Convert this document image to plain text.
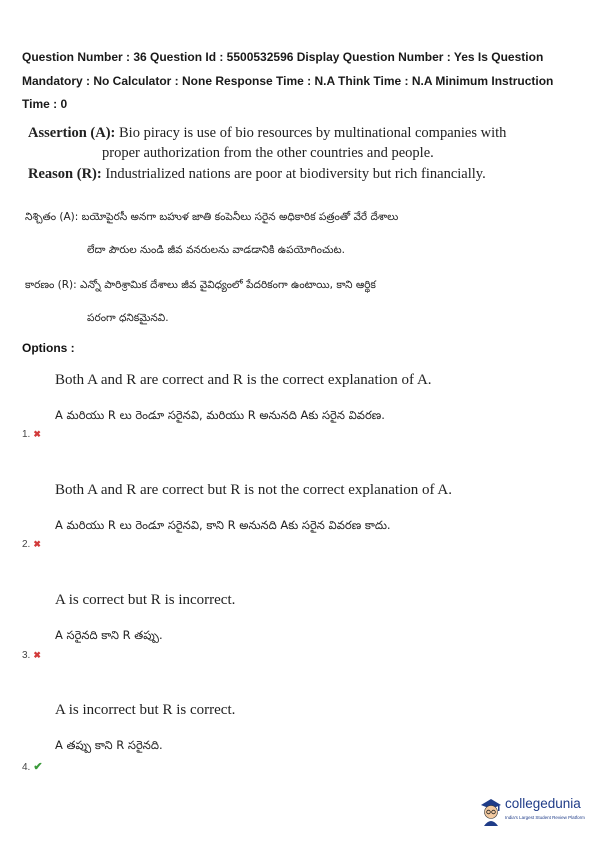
Question Number : 36 Question Id : 5500532596 Display Question Number : Yes Is Question
Mandatory : No Calculator : None Response Time : N.A Think Time : N.A Minimum Instruction
Time : 0
Assertion (A): Bio piracy is use of bio resources by multinational companies with
proper authorization from the other countries and people.
Reason (R): Industrialized nations are poor at biodiversity but rich financially.
నిశ్చితం (A): బయోపైరసీ అనగా బహుళ జాతి కంపెనీలు సరైన అధికారిక పత్రంతో వేరే దేశాలు
లేదా పౌరుల నుండి జీవ వనరులను వాడడానికి ఉపయోగించుట.
కారణం (R): ఎన్నో పారిశ్రామిక దేశాలు జీవ వైవిధ్యంలో పేదరికంగా ఉంటాయి, కాని ఆర్థిక
పరంగా ధనికమైనవి.
Options :
Both A and R are correct and R is the correct explanation of A.
A మరియు R లు రెండూ సరైనవి, మరియు R అనునది Aకు సరైన వివరణ.
1. ✖
Both A and R are correct but R is not the correct explanation of A.
A మరియు R లు రెండూ సరైనవి, కాని R అనునది Aకు సరైన వివరణ కాదు.
2. ✖
A is correct but R is incorrect.
A సరైనది కాని R తప్పు.
3. ✖
A is incorrect but R is correct.
A తప్పు కాని R సరైనది.
4. ✔
collegedunia
India's Largest Student Review Platform
